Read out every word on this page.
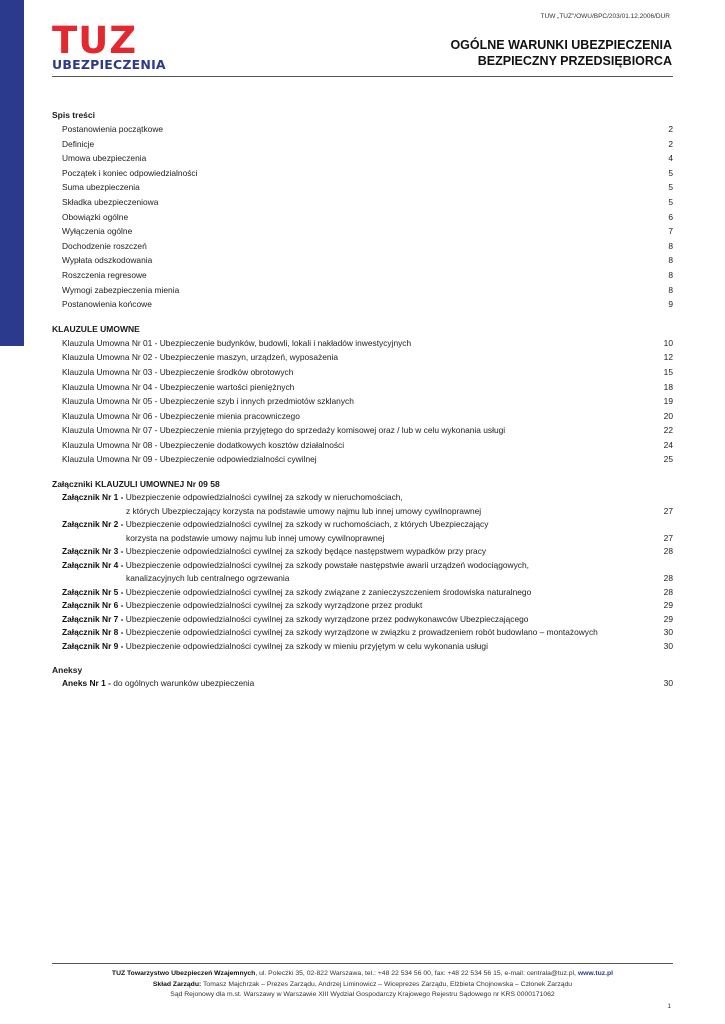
TUW „TUZ"/OWU/BPC/203/01.12.2006/DUR
TUZ
UBEZPIECZENIA
OGÓLNE WARUNKI UBEZPIECZENIA
BEZPIECZNY PRZEDSIĘBIORCA
Spis treści
Postanowienia początkowe	2
Definicje	2
Umowa ubezpieczenia	4
Początek i koniec odpowiedzialności	5
Suma ubezpieczenia	5
Składka ubezpieczeniowa	5
Obowiązki ogólne	6
Wyłączenia ogólne	7
Dochodzenie roszczeń	8
Wypłata odszkodowania	8
Roszczenia regresowe	8
Wymogi zabezpieczenia mienia	8
Postanowienia końcowe	9
KLAUZULE UMOWNE
Klauzula Umowna Nr 01 - Ubezpieczenie budynków, budowli, lokali i nakładów inwestycyjnych	10
Klauzula Umowna Nr 02 - Ubezpieczenie maszyn, urządzeń, wyposażenia	12
Klauzula Umowna Nr 03 - Ubezpieczenie środków obrotowych	15
Klauzula Umowna Nr 04 - Ubezpieczenie wartości pieniężnych	18
Klauzula Umowna Nr 05 - Ubezpieczenie szyb i innych przedmiotów szklanych	19
Klauzula Umowna Nr 06 - Ubezpieczenie mienia pracowniczego	20
Klauzula Umowna Nr 07 - Ubezpieczenie mienia przyjętego do sprzedaży komisowej oraz / lub w celu wykonania usługi	22
Klauzula Umowna Nr 08 - Ubezpieczenie dodatkowych kosztów działalności	24
Klauzula Umowna Nr 09 - Ubezpieczenie odpowiedzialności cywilnej	25
Załączniki KLAUZULI UMOWNEJ Nr 09 58
Załącznik Nr 1 - Ubezpieczenie odpowiedzialności cywilnej za szkody w nieruchomościach,
z których Ubezpieczający korzysta na podstawie umowy najmu lub innej umowy cywilnoprawnej	27
Załącznik Nr 2 - Ubezpieczenie odpowiedzialności cywilnej za szkody w ruchomościach, z których Ubezpieczający
korzysta na podstawie umowy najmu lub innej umowy cywilnoprawnej	27
Załącznik Nr 3 - Ubezpieczenie odpowiedzialności cywilnej za szkody będące następstwem wypadków przy pracy	28
Załącznik Nr 4 - Ubezpieczenie odpowiedzialności cywilnej za szkody powstałe następstwie awarii urządzeń wodociągowych,
kanalizacyjnych lub centralnego ogrzewania	28
Załącznik Nr 5 - Ubezpieczenie odpowiedzialności cywilnej za szkody związane z zanieczyszczeniem środowiska naturalnego	28
Załącznik Nr 6 - Ubezpieczenie odpowiedzialności cywilnej za szkody wyrządzone przez produkt	29
Załącznik Nr 7 - Ubezpieczenie odpowiedzialności cywilnej za szkody wyrządzone przez podwykonawców Ubezpieczającego	29
Załącznik Nr 8 - Ubezpieczenie odpowiedzialności cywilnej za szkody wyrządzone w związku z prowadzeniem robót budowlano – montażowych	30
Załącznik Nr 9 - Ubezpieczenie odpowiedzialności cywilnej za szkody w mieniu przyjętym w celu wykonania usługi	30
Aneksy
Aneks Nr 1 - do ogólnych warunków ubezpieczenia	30
TUZ Towarzystwo Ubezpieczeń Wzajemnych, ul. Poleczki 35, 02-822 Warszawa, tel.: +48 22 534 56 00, fax: +48 22 534 56 15, e-mail: centrala@tuz.pl, www.tuz.pl
Skład Zarządu: Tomasz Majchrzak – Prezes Zarządu, Andrzej Liminowicz – Wiceprezes Zarządu, Elżbieta Chojnowska – Członek Zarządu
Sąd Rejonowy dla m.st. Warszawy w Warszawie XIII Wydział Gospodarczy Krajowego Rejestru Sądowego nr KRS 0000171062
1
